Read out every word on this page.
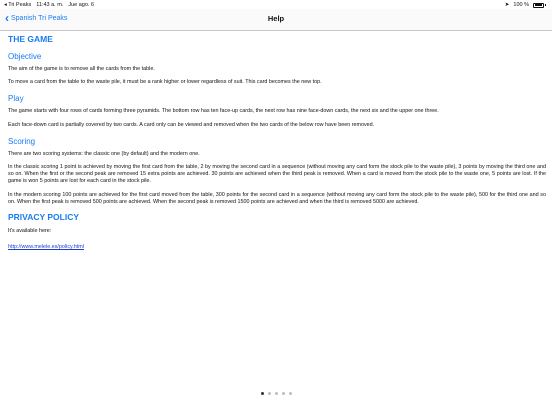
◂ Tri Peaks 11:43 a. m. Jue ago. 6	➤ 100 %
‹ Spanish Tri Peaks	Help
THE GAME
Objective

The aim of the game is to remove all the cards from the table.

To move a card from the table to the waste pile, it must be a rank higher or lower regardless of suit. This card becomes the new top.

Play

The game starts with four rows of cards forming three pyramids. The bottom row has ten face-up cards, the next row has nine face-down cards, the next six and the upper one three.

Each face-down card is partially covered by two cards. A card only can be viewed and removed when the two cards of the below row have been removed.

Scoring

There are two scoring systems: the classic one (by default) and the modern one.

In the classic scoring 1 point is achieved by moving the first card from the table, 2 by moving the second card in a sequence (without moving any card form the stock pile to the waste pile), 3 points by moving the third one and so on. When the first or the second peak are removed 15 extra points are achieved. 30 points are achieved when the third peak is removed. When a card is moved from the stock pile to the waste one, 5 points are lost. If the game is won 5 points are lost for each card in the stock pile.

In the modern scoring 100 points are achieved for the first card moved from the table, 300 points for the second card in a sequence (without moving any card form the stock pile to the waste pile), 500 for the third one and so on. When the first peak is removed 500 points are achieved. When the second peak is removed 1500 points are achieved and when the third is removed 5000 are achieved.

PRIVACY POLICY

It's available here:

http://www.melele.es/policy.html
